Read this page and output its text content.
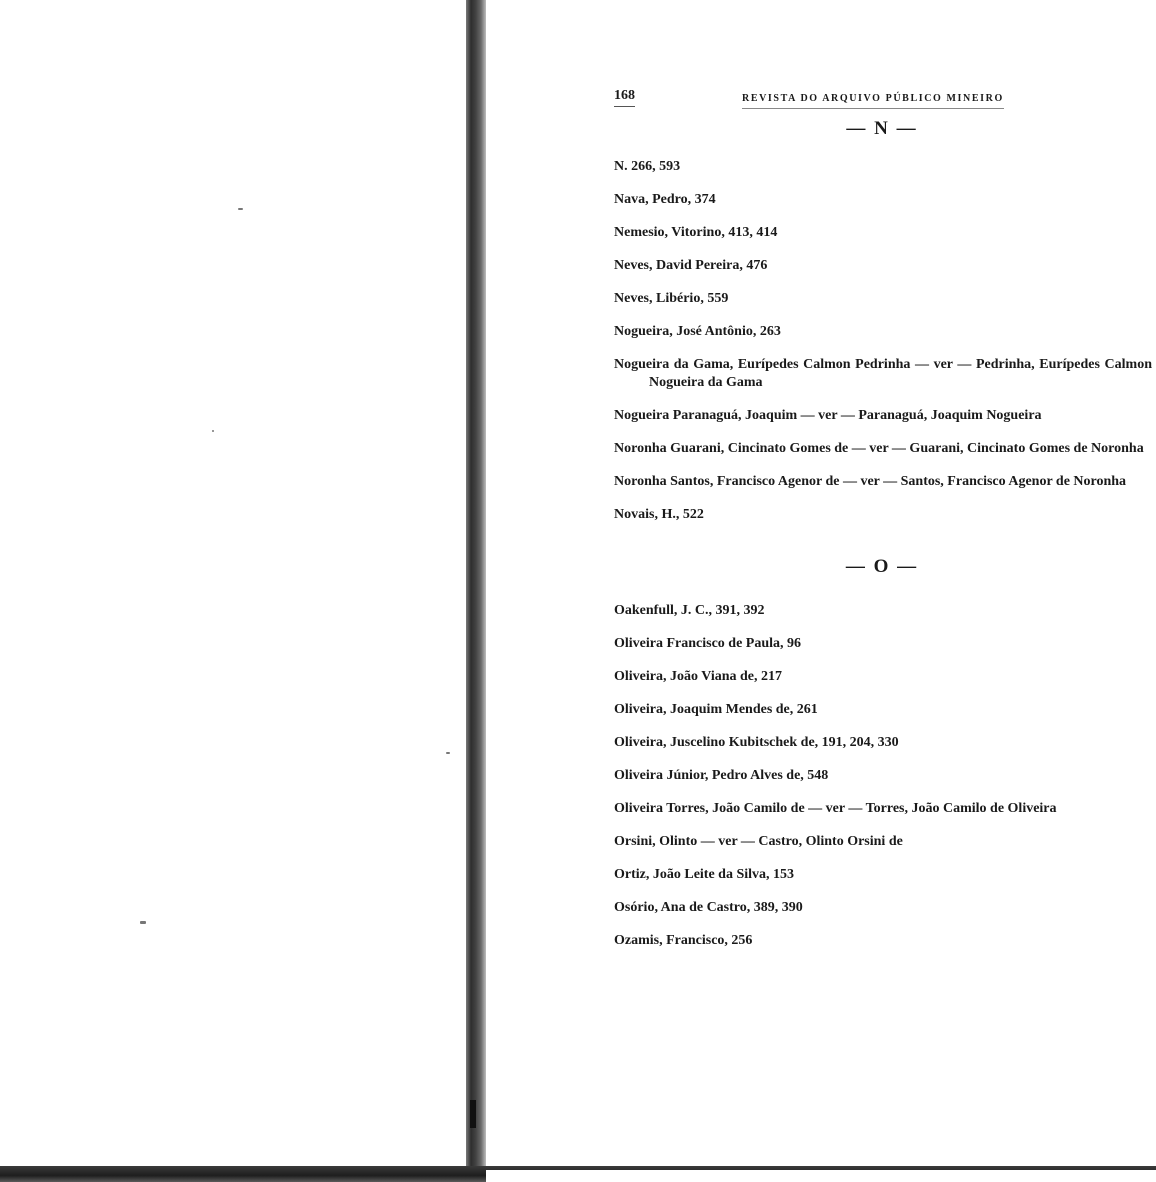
168	REVISTA DO ARQUIVO PÚBLICO MINEIRO
— N —

N. 266, 593

Nava, Pedro, 374

Nemesio, Vitorino, 413, 414

Neves, David Pereira, 476

Neves, Libério, 559

Nogueira, José Antônio, 263

Nogueira da Gama, Eurípedes Calmon Pedrinha — ver — Pedrinha, Eurípedes Calmon Nogueira da Gama

Nogueira Paranaguá, Joaquim — ver — Paranaguá, Joaquim Nogueira

Noronha Guarani, Cincinato Gomes de — ver — Guarani, Cincinato Gomes de Noronha

Noronha Santos, Francisco Agenor de — ver — Santos, Francisco Agenor de Noronha

Novais, H., 522

— O —

Oakenfull, J. C., 391, 392

Oliveira Francisco de Paula, 96

Oliveira, João Viana de, 217

Oliveira, Joaquim Mendes de, 261

Oliveira, Juscelino Kubitschek de, 191, 204, 330

Oliveira Júnior, Pedro Alves de, 548

Oliveira Torres, João Camilo de — ver — Torres, João Camilo de Oliveira

Orsini, Olinto — ver — Castro, Olinto Orsini de

Ortiz, João Leite da Silva, 153

Osório, Ana de Castro, 389, 390

Ozamis, Francisco, 256
